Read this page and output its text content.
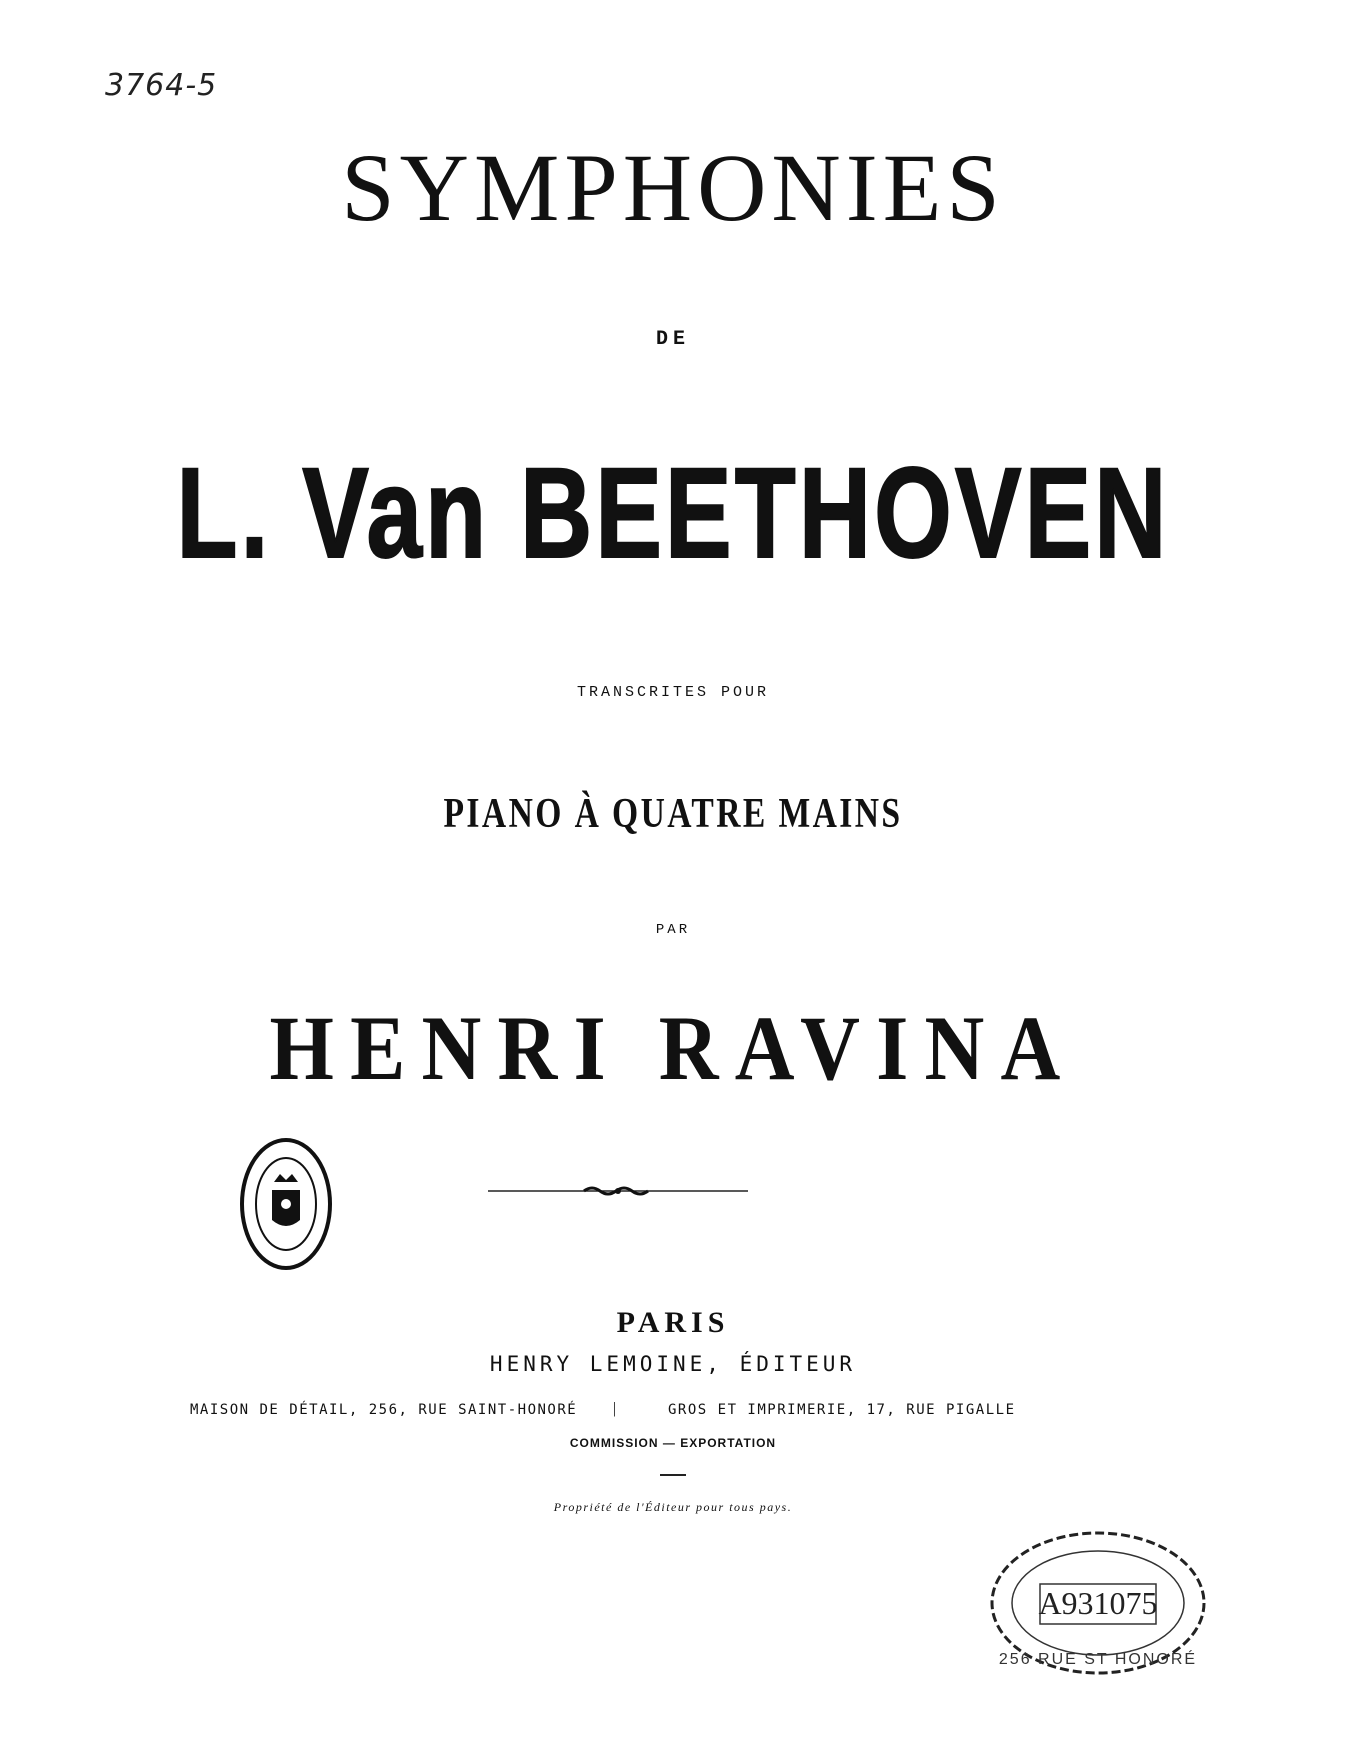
3764-5
SYMPHONIES
DE
L. Van BEETHOVEN
TRANSCRITES POUR
PIANO À QUATRE MAINS
PAR
HENRI RAVINA
PARIS
HENRY LEMOINE, ÉDITEUR
MAISON DE DÉTAIL, 256, RUE SAINT-HONORÉ |	GROS ET IMPRIMERIE, 17, RUE PIGALLE
COMMISSION — EXPORTATION
Propriété de l'Éditeur pour tous pays.
A931075
256 RUE ST HONORÉ
